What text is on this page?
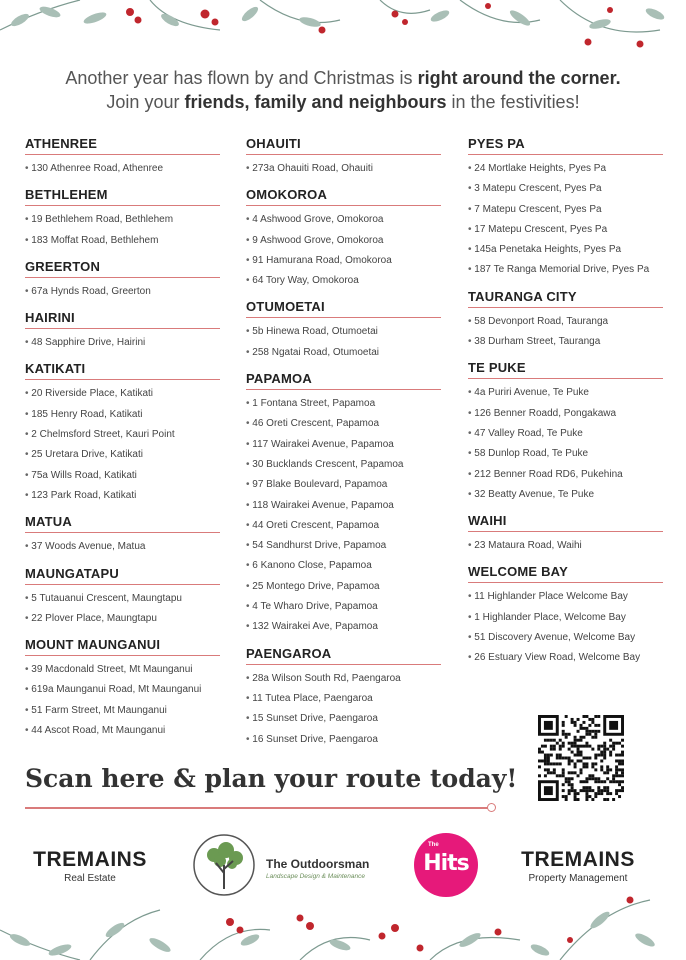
Another year has flown by and Christmas is right around the corner.
Join your friends, family and neighbours in the festivities!
ATHENREE
• 130 Athenree Road, Athenree
BETHLEHEM
• 19 Bethlehem Road, Bethlehem
• 183 Moffat Road, Bethlehem
GREERTON
• 67a Hynds Road, Greerton
HAIRINI
• 48 Sapphire Drive, Hairini
KATIKATI
• 20 Riverside Place, Katikati
• 185 Henry Road, Katikati
• 2 Chelmsford Street, Kauri Point
• 25 Uretara Drive, Katikati
• 75a Wills Road, Katikati
• 123 Park Road, Katikati
MATUA
• 37 Woods Avenue, Matua
MAUNGATAPU
• 5 Tutauanui Crescent, Maungtapu
• 22 Plover Place, Maungtapu
MOUNT MAUNGANUI
• 39 Macdonald Street, Mt Maunganui
• 619a Maunganui Road, Mt Maunganui
• 51 Farm Street, Mt Maunganui
• 44 Ascot Road, Mt Maunganui
OHAUITI
• 273a Ohauiti Road, Ohauiti
OMOKOROA
• 4 Ashwood Grove, Omokoroa
• 9 Ashwood Grove, Omokoroa
• 91 Hamurana Road, Omokoroa
• 64 Tory Way, Omokoroa
OTUMOETAI
• 5b Hinewa Road, Otumoetai
• 258 Ngatai Road, Otumoetai
PAPAMOA
• 1 Fontana Street, Papamoa
• 46 Oreti Crescent, Papamoa
• 117 Wairakei Avenue, Papamoa
• 30 Bucklands Crescent, Papamoa
• 97 Blake Boulevard, Papamoa
• 118 Wairakei Avenue, Papamoa
• 44 Oreti Crescent, Papamoa
• 54 Sandhurst Drive, Papamoa
• 6 Kanono Close, Papamoa
• 25 Montego Drive, Papamoa
• 4 Te Wharo Drive, Papamoa
• 132 Wairakei Ave, Papamoa
PAENGAROA
• 28a Wilson South Rd, Paengaroa
• 11 Tutea Place, Paengaroa
• 15 Sunset Drive, Paengaroa
• 16 Sunset Drive, Paengaroa
PYES PA
• 24 Mortlake Heights, Pyes Pa
• 3 Matepu Crescent, Pyes Pa
• 7 Matepu Crescent, Pyes Pa
• 17 Matepu Crescent, Pyes Pa
• 145a Penetaka Heights, Pyes Pa
• 187 Te Ranga Memorial Drive, Pyes Pa
TAURANGA CITY
• 58 Devonport Road, Tauranga
• 38 Durham Street, Tauranga
TE PUKE
• 4a Puriri Avenue, Te Puke
• 126 Benner Roadd, Pongakawa
• 47 Valley Road, Te Puke
• 58 Dunlop Road, Te Puke
• 212 Benner Road RD6, Pukehina
• 32 Beatty Avenue, Te Puke
WAIHI
• 23 Mataura Road, Waihi
WELCOME BAY
• 11 Highlander Place Welcome Bay
• 1 Highlander Place, Welcome Bay
• 51 Discovery Avenue, Welcome Bay
• 26 Estuary View Road, Welcome Bay
Scan here & plan your route today!
TREMAINS
Real Estate
The Outdoorsman
Landscape Design & Maintenance
The
Hits	TREMAINS
Property Management
